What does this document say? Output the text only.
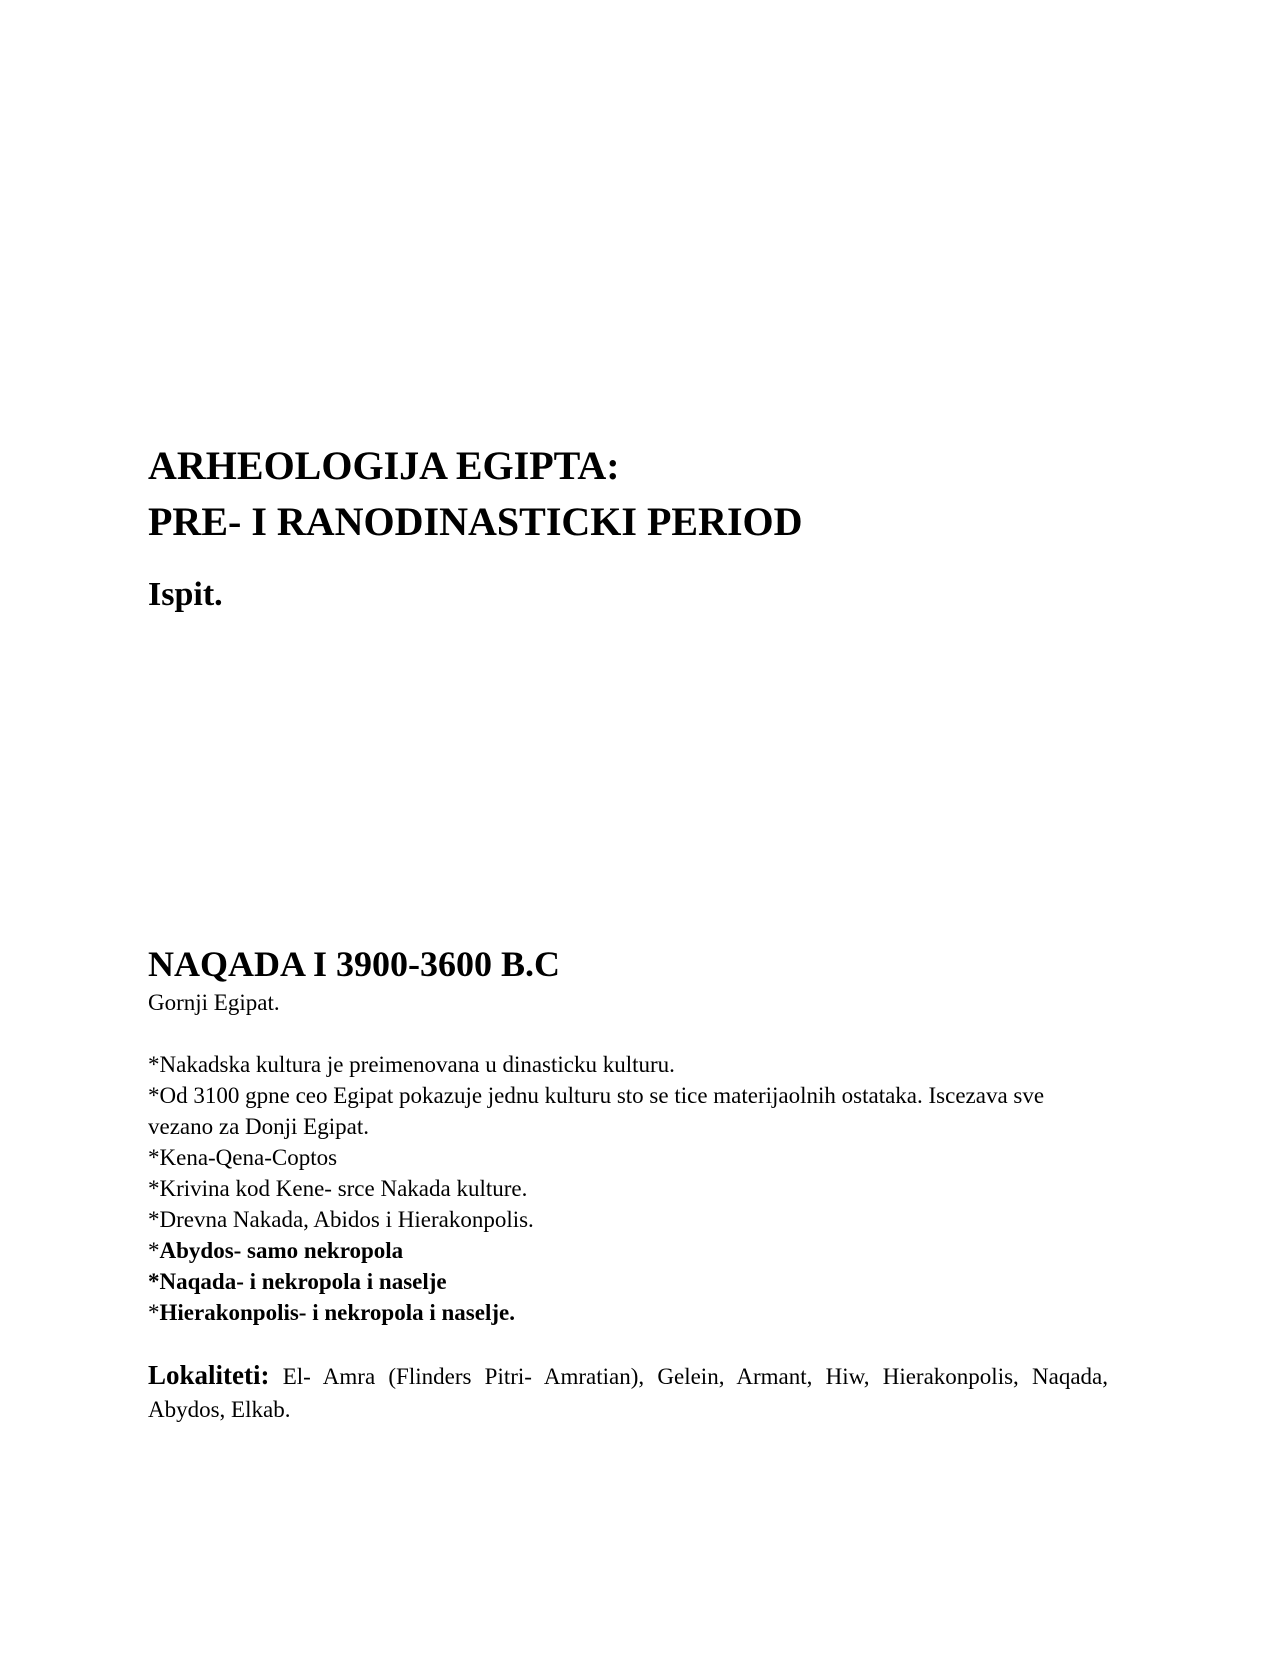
ARHEOLOGIJA EGIPTA:

PRE- I RANODINASTICKI PERIOD

Ispit.

NAQADA I 3900-3600 B.C

Gornji Egipat.

*Nakadska kultura je preimenovana u dinasticku kulturu.
*Od 3100 gpne ceo Egipat pokazuje jednu kulturu sto se tice materijaolnih ostataka. Iscezava sve vezano za Donji Egipat.
*Kena-Qena-Coptos
*Krivina kod Kene- srce Nakada kulture.
*Drevna Nakada, Abidos i Hierakonpolis.
*Abydos- samo nekropola
*Naqada- i nekropola i naselje
*Hierakonpolis- i nekropola i naselje.

Lokaliteti: El- Amra (Flinders Pitri- Amratian), Gelein, Armant, Hiw, Hierakonpolis, Naqada, Abydos, Elkab.
